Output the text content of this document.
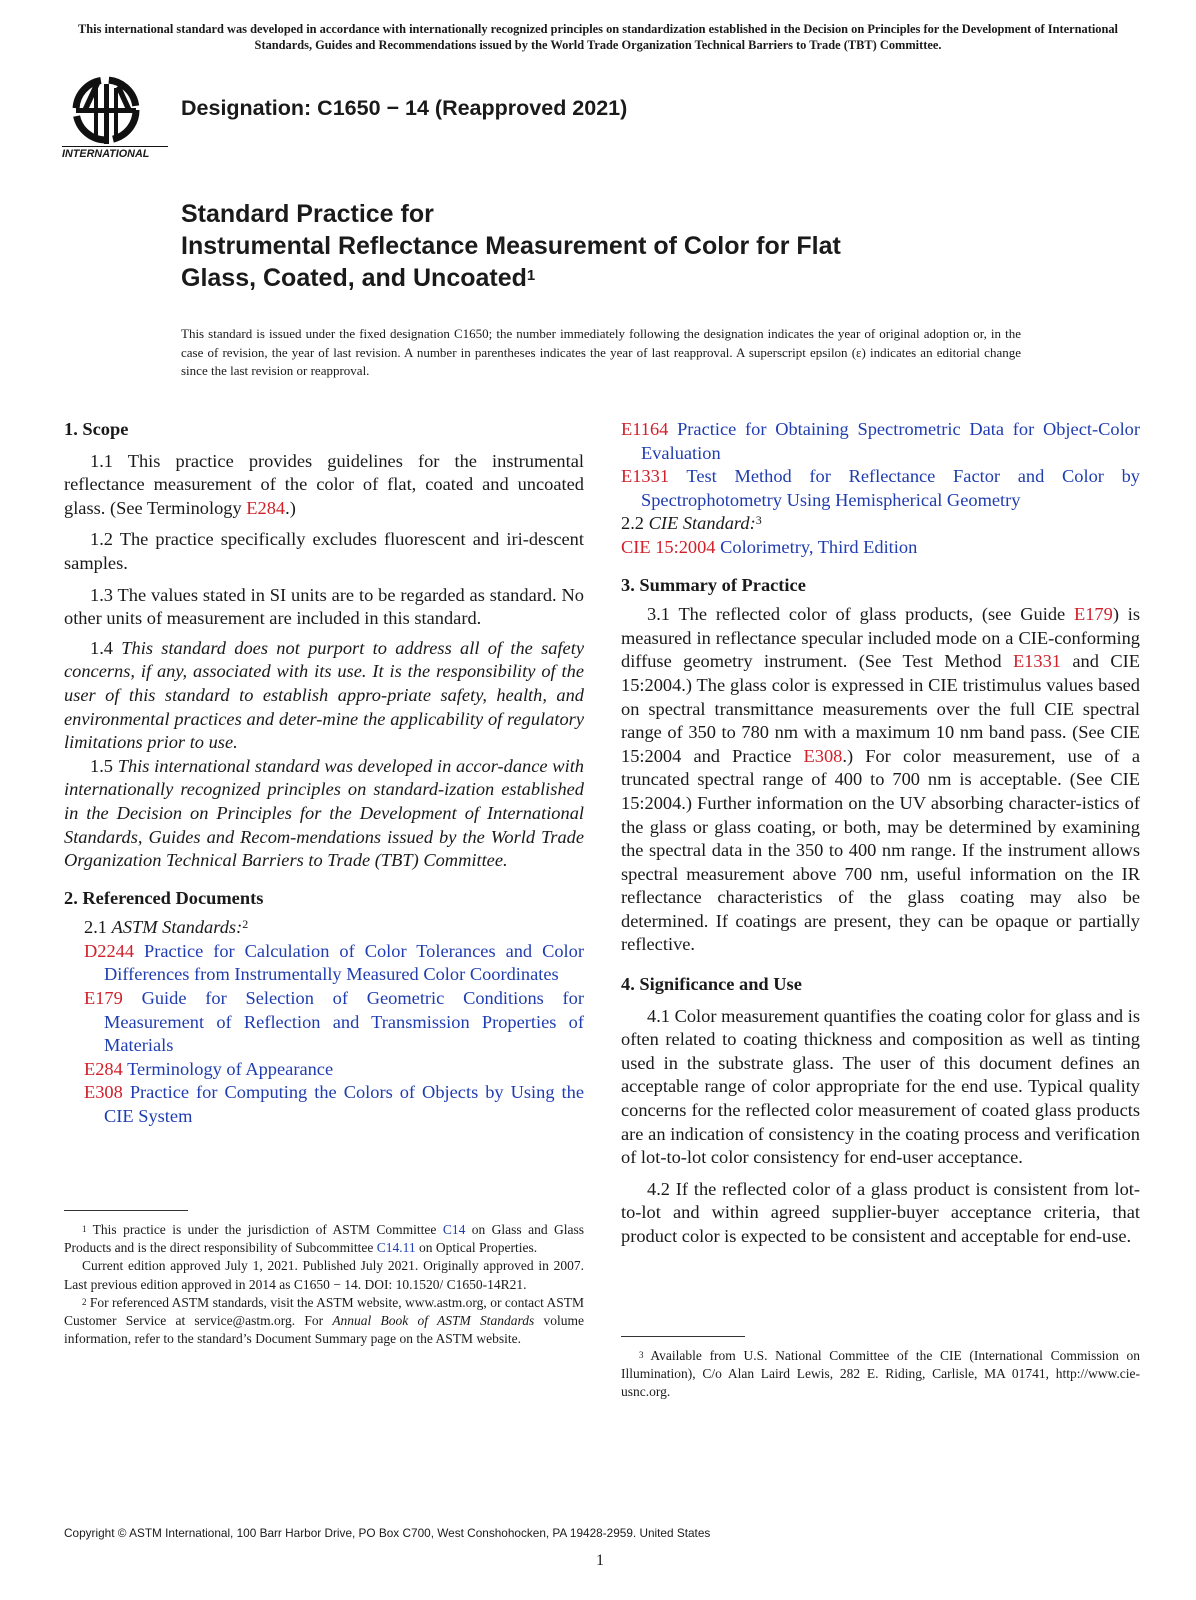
This international standard was developed in accordance with internationally recognized principles on standardization established in the Decision on Principles for the Development of International Standards, Guides and Recommendations issued by the World Trade Organization Technical Barriers to Trade (TBT) Committee.
INTERNATIONAL
Designation: C1650 − 14 (Reapproved 2021)
Standard Practice for
Instrumental Reflectance Measurement of Color for Flat
Glass, Coated, and Uncoated$^1$
This standard is issued under the fixed designation C1650; the number immediately following the designation indicates the year of original adoption or, in the case of revision, the year of last revision. A number in parentheses indicates the year of last reapproval. A superscript epsilon (ε) indicates an editorial change since the last revision or reapproval.

1. Scope

1.1 This practice provides guidelines for the instrumental reflectance measurement of the color of flat, coated and uncoated glass. (See Terminology E284.)

1.2 The practice specifically excludes fluorescent and iri-descent samples.

1.3 The values stated in SI units are to be regarded as standard. No other units of measurement are included in this standard.

1.4 This standard does not purport to address all of the safety concerns, if any, associated with its use. It is the responsibility of the user of this standard to establish appro-priate safety, health, and environmental practices and deter-mine the applicability of regulatory limitations prior to use.

1.5 This international standard was developed in accor-dance with internationally recognized principles on standard-ization established in the Decision on Principles for the Development of International Standards, Guides and Recom-mendations issued by the World Trade Organization Technical Barriers to Trade (TBT) Committee.

2. Referenced Documents

2.1 ASTM Standards:$^2$

D2244 Practice for Calculation of Color Tolerances and Color Differences from Instrumentally Measured Color Coordinates

E179 Guide for Selection of Geometric Conditions for Measurement of Reflection and Transmission Properties of Materials

E284 Terminology of Appearance

E308 Practice for Computing the Colors of Objects by Using the CIE System

E1164 Practice for Obtaining Spectrometric Data for Object-Color Evaluation

E1331 Test Method for Reflectance Factor and Color by Spectrophotometry Using Hemispherical Geometry

2.2 CIE Standard:$^3$

CIE 15:2004 Colorimetry, Third Edition

3. Summary of Practice

3.1 The reflected color of glass products, (see Guide E179) is measured in reflectance specular included mode on a CIE-conforming diffuse geometry instrument. (See Test Method E1331 and CIE 15:2004.) The glass color is expressed in CIE tristimulus values based on spectral transmittance measurements over the full CIE spectral range of 350 to 780 nm with a maximum 10 nm band pass. (See CIE 15:2004 and Practice E308.) For color measurement, use of a truncated spectral range of 400 to 700 nm is acceptable. (See CIE 15:2004.) Further information on the UV absorbing character-istics of the glass or glass coating, or both, may be determined by examining the spectral data in the 350 to 400 nm range. If the instrument allows spectral measurement above 700 nm, useful information on the IR reflectance characteristics of the glass coating may also be determined. If coatings are present, they can be opaque or partially reflective.

4. Significance and Use

4.1 Color measurement quantifies the coating color for glass and is often related to coating thickness and composition as well as tinting used in the substrate glass. The user of this document defines an acceptable range of color appropriate for the end use. Typical quality concerns for the reflected color measurement of coated glass products are an indication of consistency in the coating process and verification of lot-to-lot color consistency for end-user acceptance.

4.2 If the reflected color of a glass product is consistent from lot-to-lot and within agreed supplier-buyer acceptance criteria, that product color is expected to be consistent and acceptable for end-use.

$^1$ This practice is under the jurisdiction of ASTM Committee C14 on Glass and Glass Products and is the direct responsibility of Subcommittee C14.11 on Optical Properties.

Current edition approved July 1, 2021. Published July 2021. Originally approved in 2007. Last previous edition approved in 2014 as C1650 − 14. DOI: 10.1520/ C1650-14R21.

$^2$ For referenced ASTM standards, visit the ASTM website, www.astm.org, or contact ASTM Customer Service at service@astm.org. For Annual Book of ASTM Standards volume information, refer to the standard’s Document Summary page on the ASTM website.

$^3$ Available from U.S. National Committee of the CIE (International Commission on Illumination), C/o Alan Laird Lewis, 282 E. Riding, Carlisle, MA 01741, http://www.cie-usnc.org.

Copyright © ASTM International, 100 Barr Harbor Drive, PO Box C700, West Conshohocken, PA 19428-2959. United States
1
